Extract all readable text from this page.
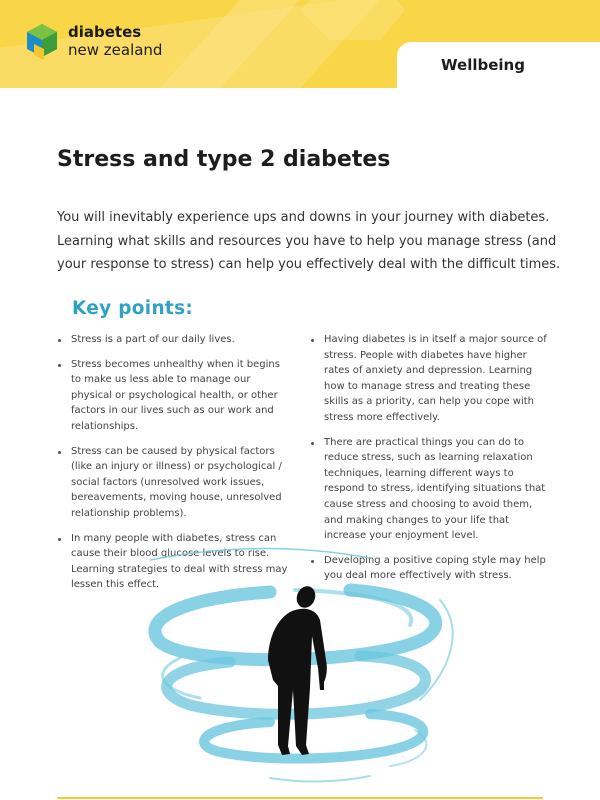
diabetes
new zealand
Wellbeing
Stress and type 2 diabetes

You will inevitably experience ups and downs in your journey with diabetes. Learning what skills and resources you have to help you manage stress (and your response to stress) can help you effectively deal with the difficult times.

Key points:
Stress is a part of our daily lives.
Stress becomes unhealthy when it begins to make us less able to manage our physical or psychological health, or other factors in our lives such as our work and relationships.
Stress can be caused by physical factors (like an injury or illness) or psychological / social factors (unresolved work issues, bereavements, moving house, unresolved relationship problems).
In many people with diabetes, stress can cause their blood glucose levels to rise. Learning strategies to deal with stress may lessen this effect.
Having diabetes is in itself a major source of stress. People with diabetes have higher rates of anxiety and depression. Learning how to manage stress and treating these skills as a priority, can help you cope with stress more effectively.
There are practical things you can do to reduce stress, such as learning relaxation techniques, learning different ways to respond to stress, identifying situations that cause stress and choosing to avoid them, and making changes to your life that increase your enjoyment level.
Developing a positive coping style may help you deal more effectively with stress.
